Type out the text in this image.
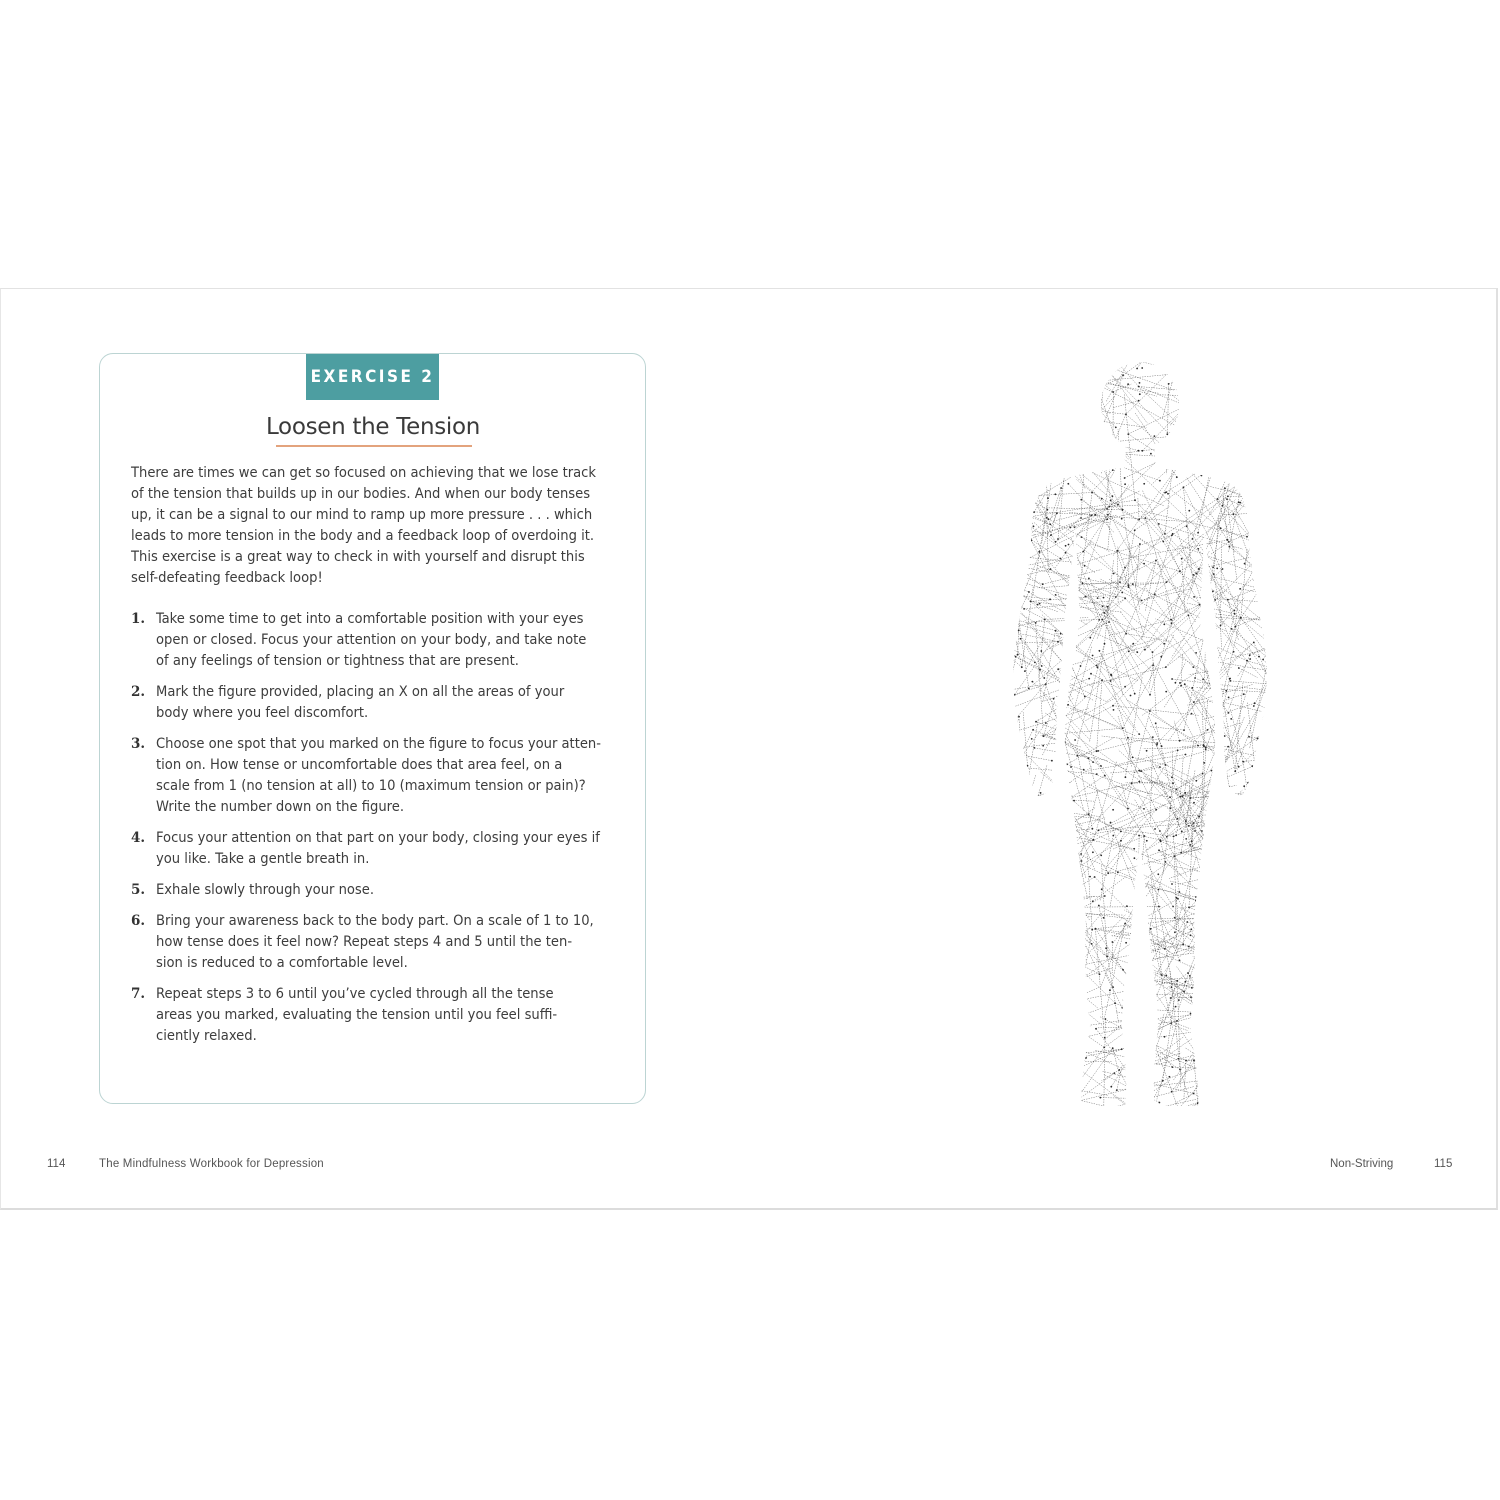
EXERCISE 2
Loosen the Tension

There are times we can get so focused on achieving that we lose track
of the tension that builds up in our bodies. And when our body tenses
up, it can be a signal to our mind to ramp up more pressure . . . which
leads to more tension in the body and a feedback loop of overdoing it.
This exercise is a great way to check in with yourself and disrupt this
self-defeating feedback loop!

1. Take some time to get into a comfortable position with your eyes
open or closed. Focus your attention on your body, and take note
of any feelings of tension or tightness that are present.
2. Mark the figure provided, placing an X on all the areas of your
body where you feel discomfort.
3. Choose one spot that you marked on the figure to focus your atten-
tion on. How tense or uncomfortable does that area feel, on a
scale from 1 (no tension at all) to 10 (maximum tension or pain)?
Write the number down on the figure.
4. Focus your attention on that part on your body, closing your eyes if
you like. Take a gentle breath in.
5. Exhale slowly through your nose.
6. Bring your awareness back to the body part. On a scale of 1 to 10,
how tense does it feel now? Repeat steps 4 and 5 until the ten-
sion is reduced to a comfortable level.
7. Repeat steps 3 to 6 until you’ve cycled through all the tense
areas you marked, evaluating the tension until you feel suffi-
ciently relaxed.
114	The Mindfulness Workbook for Depression	Non-Striving	115
